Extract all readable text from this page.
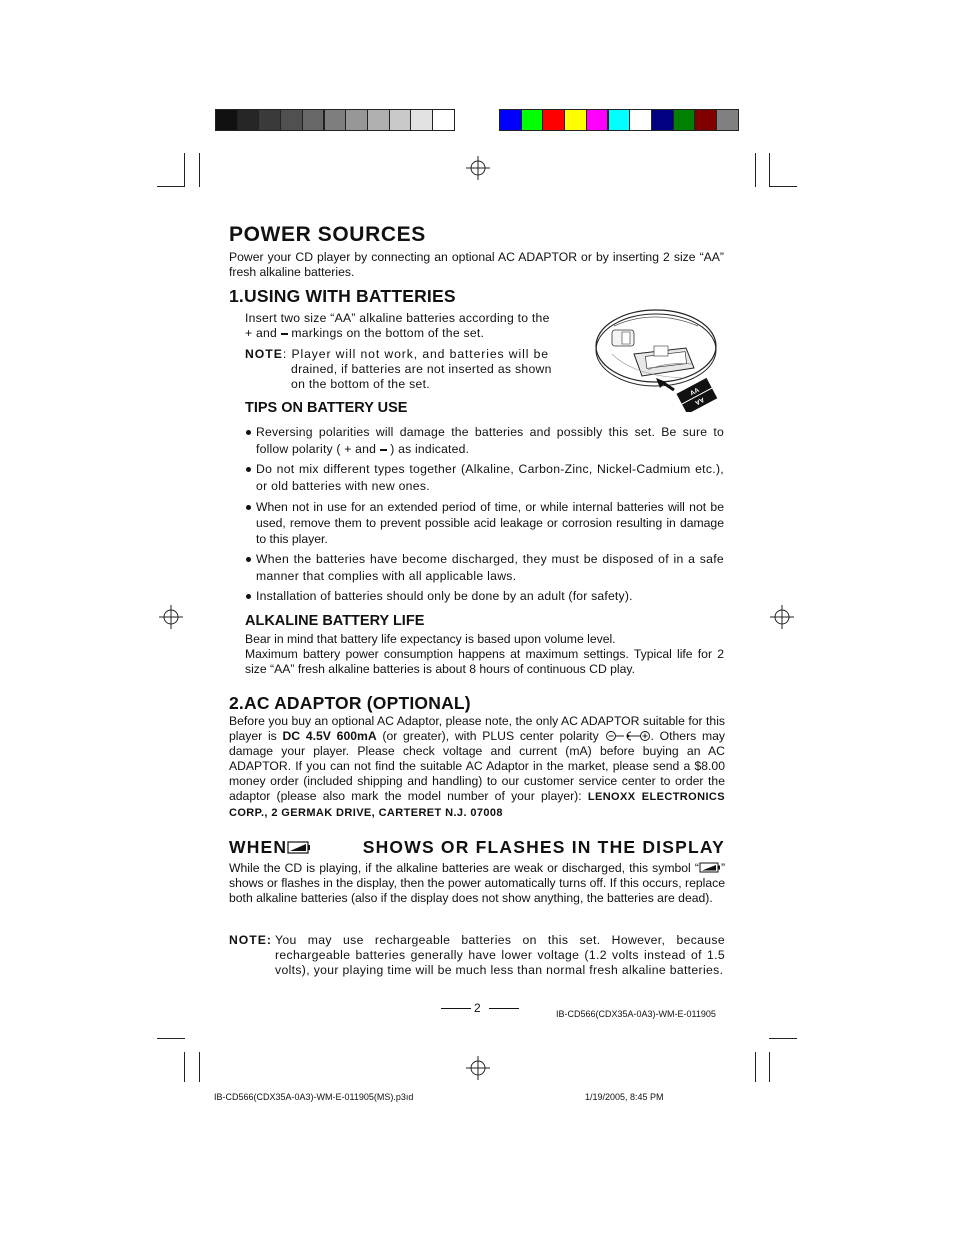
POWER SOURCES

Power your CD player by connecting an optional AC ADAPTOR or by inserting 2 size “AA” fresh alkaline batteries.

1.USING WITH BATTERIES
Insert two size “AA” alkaline batteries according to the
+ and markings on the bottom of the set.
NOTE: Player will not work, and batteries will be
drained, if batteries are not inserted as shown
on the bottom of the set.
AA
AA
TIPS ON BATTERY USE
Reversing polarities will damage the batteries and possibly this set. Be sure to follow polarity ( + and ) as indicated.
Do not mix different types together (Alkaline, Carbon-Zinc, Nickel-Cadmium etc.), or old batteries with new ones.
When not in use for an extended period of time, or while internal batteries will not be used, remove them to prevent possible acid leakage or corrosion resulting in damage to this player.
When the batteries have become discharged, they must be disposed of in a safe manner that complies with all applicable laws.
Installation of batteries should only be done by an adult (for safety).
ALKALINE BATTERY LIFE
Bear in mind that battery life expectancy is based upon volume level.
Maximum battery power consumption happens at maximum settings. Typical life for 2 size “AA” fresh alkaline batteries is about 8 hours of continuous CD play.
2.AC ADAPTOR (OPTIONAL)

Before you buy an optional AC Adaptor, please note, the only AC ADAPTOR suitable for this player is DC 4.5V 600mA (or greater), with PLUS center polarity	. Others may damage your player. Please check voltage and current (mA) before buying an AC ADAPTOR. If you can not find the suitable AC Adaptor in the market, please send a $8.00 money order (included shipping and handling) to our customer service center to order the adaptor (please also mark the model number of your player): LENOXX ELECTRONICS CORP., 2 GERMAK DRIVE, CARTERET N.J. 07008

WHEN	SHOWS OR FLASHES IN THE DISPLAY

While the CD is playing, if the alkaline batteries are weak or discharged, this symbol “ ” shows or flashes in the display, then the power automatically turns off. If this occurs, replace both alkaline batteries (also if the display does not show anything, the batteries are dead).

NOTE: You may use rechargeable batteries on this set. However, because rechargeable batteries generally have lower voltage (1.2 volts instead of 1.5 volts), your playing time will be much less than normal fresh alkaline batteries.
2	IB-CD566(CDX35A-0A3)-WM-E-011905
IB-CD566(CDX35A-0A3)-WM-E-011905(MS).p3ıd	1/19/2005, 8:45 PM
